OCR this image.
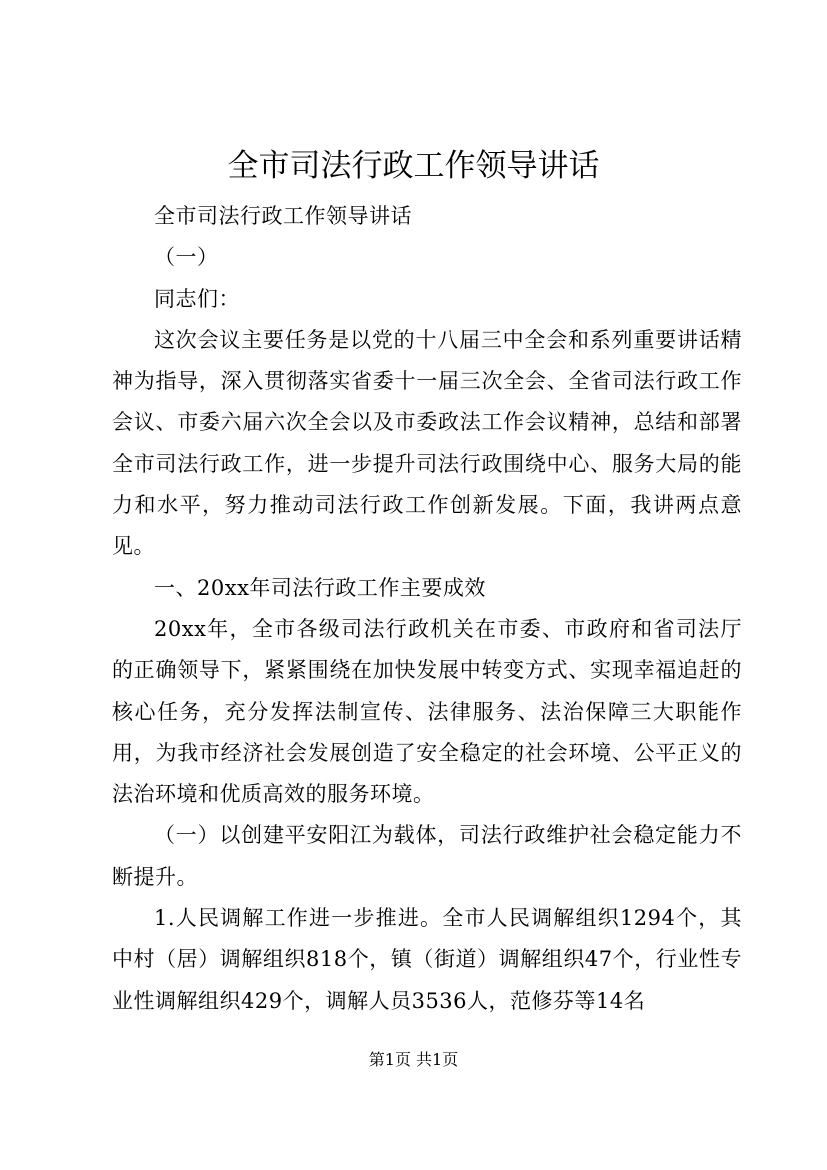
全市司法行政工作领导讲话

全市司法行政工作领导讲话

（一）

同志们：

这次会议主要任务是以党的十八届三中全会和系列重要讲话精神为指导，深入贯彻落实省委十一届三次全会、全省司法行政工作会议、市委六届六次全会以及市委政法工作会议精神，总结和部署全市司法行政工作，进一步提升司法行政围绕中心、服务大局的能力和水平，努力推动司法行政工作创新发展。下面，我讲两点意见。

一、20xx年司法行政工作主要成效

20xx年，全市各级司法行政机关在市委、市政府和省司法厅的正确领导下，紧紧围绕在加快发展中转变方式、实现幸福追赶的核心任务，充分发挥法制宣传、法律服务、法治保障三大职能作用，为我市经济社会发展创造了安全稳定的社会环境、公平正义的法治环境和优质高效的服务环境。

（一）以创建平安阳江为载体，司法行政维护社会稳定能力不断提升。

1.人民调解工作进一步推进。全市人民调解组织1294个，其中村（居）调解组织818个，镇（街道）调解组织47个，行业性专业性调解组织429个，调解人员3536人，范修芬等14名

第1页 共1页
